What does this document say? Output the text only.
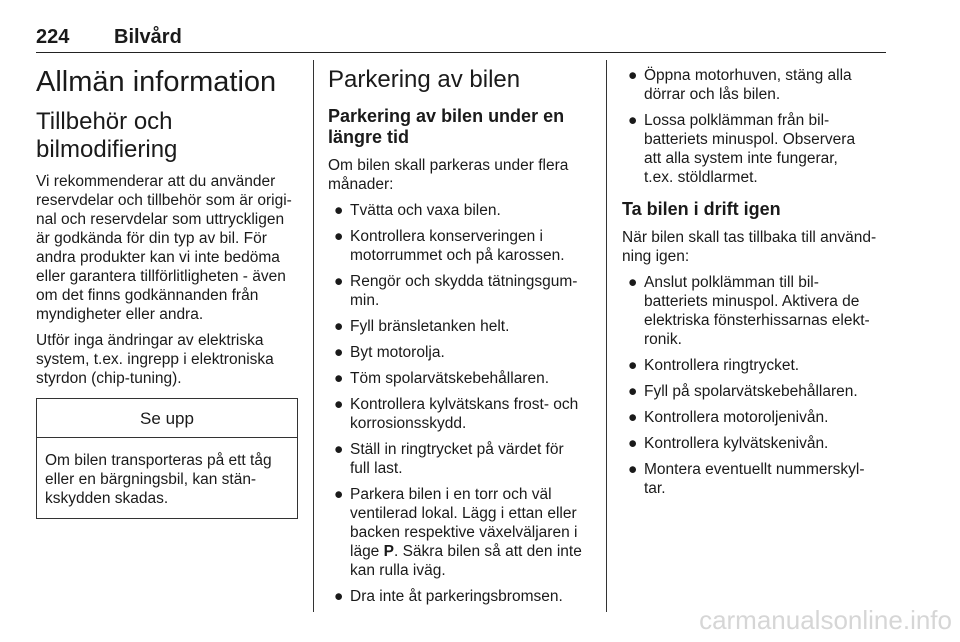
224 Bilvård
Allmän information
Tillbehör och bilmodifiering

Vi rekommenderar att du använder
reservdelar och tillbehör som är origi‐
nal och reservdelar som uttryckligen
är godkända för din typ av bil. För
andra produkter kan vi inte bedöma
eller garantera tillförlitligheten - även
om det finns godkännanden från
myndigheter eller andra.

Utför inga ändringar av elektriska
system, t.ex. ingrepp i elektroniska
styrdon (chip-tuning).

Se upp
Om bilen transporteras på ett tåg
eller en bärgningsbil, kan stän‐
kskydden skadas.
Parkering av bilen
Parkering av bilen under en
längre tid

Om bilen skall parkeras under flera
månader:

● Tvätta och vaxa bilen.
● Kontrollera konserveringen i
motorrummet och på karossen.
● Rengör och skydda tätningsgum‐
min.
● Fyll bränsletanken helt.
● Byt motorolja.
● Töm spolarvätskebehållaren.
● Kontrollera kylvätskans frost- och
korrosionsskydd.
● Ställ in ringtrycket på värdet för
full last.
● Parkera bilen i en torr och väl
ventilerad lokal. Lägg i ettan eller
backen respektive växelväljaren i
läge P. Säkra bilen så att den inte
kan rulla iväg.
● Dra inte åt parkeringsbromsen.
● Öppna motorhuven, stäng alla
dörrar och lås bilen.
● Lossa polklämman från bil‐
batteriets minuspol. Observera
att alla system inte fungerar,
t.ex. stöldlarmet.
Ta bilen i drift igen

När bilen skall tas tillbaka till använd‐
ning igen:

● Anslut polklämman till bil‐
batteriets minuspol. Aktivera de
elektriska fönsterhissarnas elekt‐
ronik.
● Kontrollera ringtrycket.
● Fyll på spolarvätskebehållaren.
● Kontrollera motoroljenivån.
● Kontrollera kylvätskenivån.
● Montera eventuellt nummerskyl‐
tar.
carmanualsonline.info
